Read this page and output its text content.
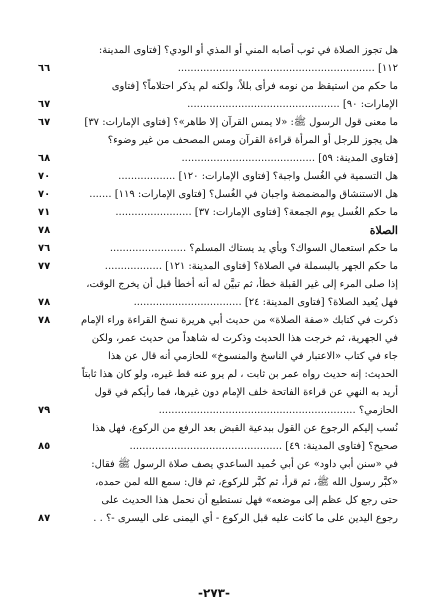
هل تجوز الصلاة في ثوب أصابه المني أو المذي أو الودي؟ [فتاوى المدينة:
١١٢] ..............................................................
٦٦
ما حكم من استيقظ من نومه فرأى بللاً، ولكنه لم يذكر احتلاماً؟ [فتاوى
الإمارات: ٩٠] ................................................
٦٧
ما معنى قول الرسول ﷺ: «لا يمس القرآن إلا طاهر»؟ [فتاوى الإمارات: ٣٧]
٦٧
هل يجوز للرجل أو المرأة قراءة القرآن ومس المصحف من غير وضوء؟
[فتاوى المدينة: ٥٩] ..........................................
٦٨
هل التسمية في الغُسل واجبة؟ [فتاوى الإمارات: ١٢٠] ..................
٧٠
هل الاستنشاق والمضمضة واجبان في الغُسل؟ [فتاوى الإمارات: ١١٩] .......
٧٠
ما حكم الغُسل يوم الجمعة؟ [فتاوى الإمارات: ٣٧] ........................
٧١
الصلاة
٧٨
ما حكم استعمال السواك؟ وبأي يد يستاك المسلم؟ ........................
٧٦
ما حكم الجهر بالبسملة في الصلاة؟ [فتاوى المدينة: ١٢١] ..................
٧٧
إذا صلى المرء إلى غير القبلة خطأ، ثم تبيَّن له أنه أخطأ قبل أن يخرج الوقت،
فهل يُعيد الصلاة؟ [فتاوى المدينة: ٢٤] ..................................
٧٨
ذكرت في كتابك «صفة الصلاة» من حديث أبي هريرة نسخ القراءة وراء الإمام
٧٨
في الجهرية، ثم خرجت هذا الحديث وذكرت له شاهداً من حديث عمر، ولكن
جاء في كتاب «الاعتبار في الناسخ والمنسوخ» للحازمي أنه قال عن هذا
الحديث: إنه حديث رواه عمر بن ثابت ، لم يرو عنه قط غيره، ولو كان هذا ثابتاً
أريد به النهي عن قراءة الفاتحة خلف الإمام دون غيرها، فما رأيكم في قول
الحازمي؟ ..............................................................
٧٩
نُسب إليكم الرجوع عن القول ببدعية القبض بعد الرفع من الركوع، فهل هذا
صحيح؟ [فتاوى المدينة: ٤٩] ................................................
٨٥
في «سنن أبي داود» عن أبي حُميد الساعدي يصف صلاة الرسول ﷺ فقال:
«كبَّر رسول الله ﷺ، ثم قرأ، ثم كبَّر للركوع، ثم قال: سمع الله لمن حمده،
حتى رجع كل عظم إلى موضعه» فهل نستطيع أن نحمل هذا الحديث على
رجوع اليدين على ما كانت عليه قبل الركوع - أي اليمنى على اليسرى -؟ . .
٨٧
-٢٧٣-
